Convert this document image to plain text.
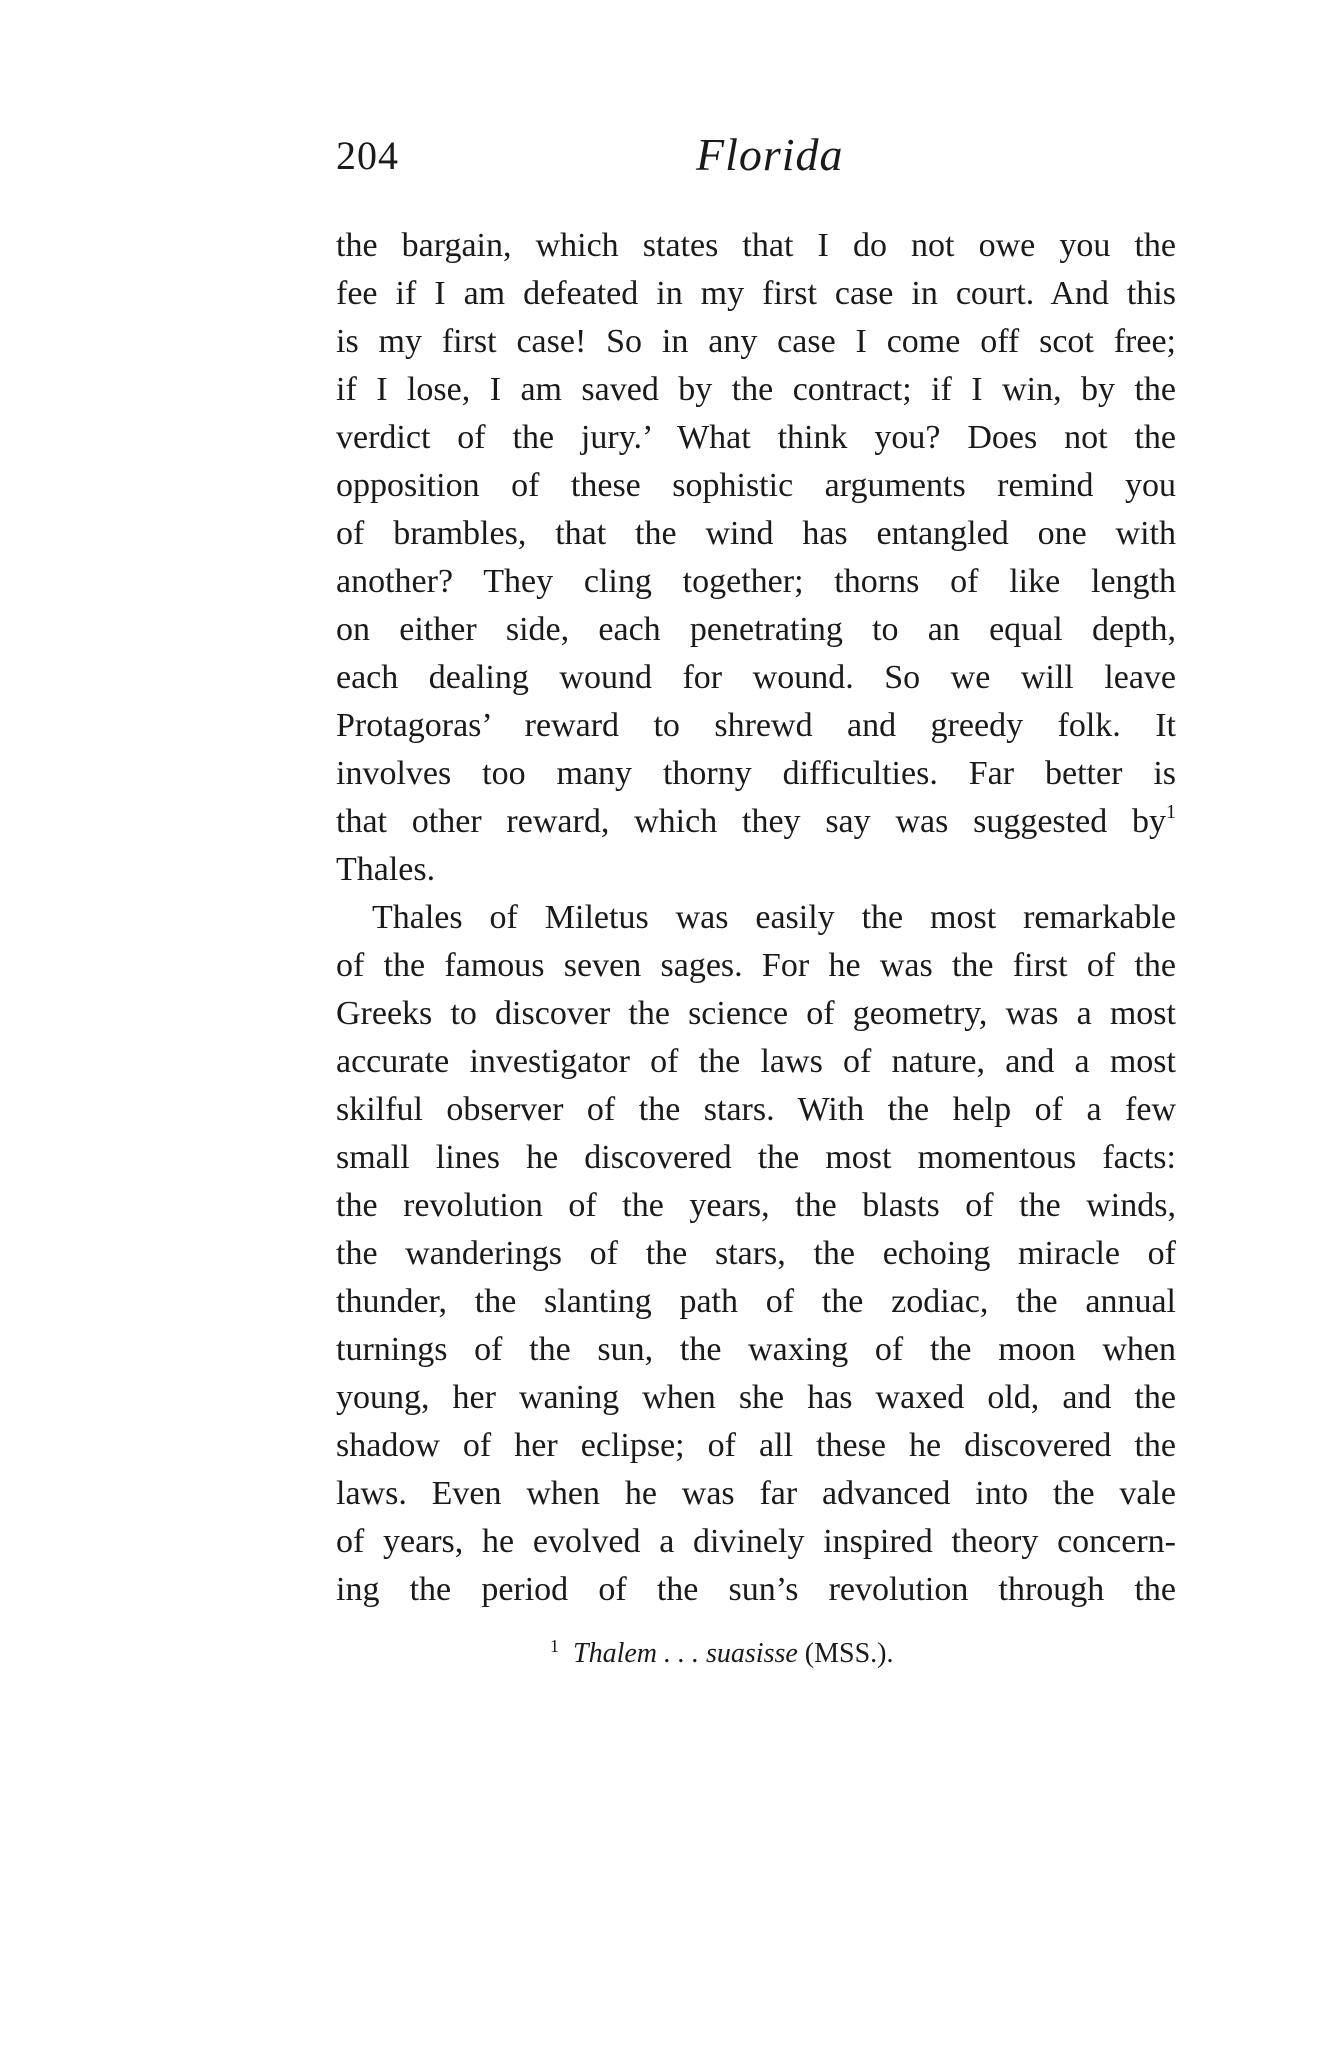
204	Florida
the bargain, which states that I do not owe you the
fee if I am defeated in my first case in court. And this
is my first case! So in any case I come off scot free;
if I lose, I am saved by the contract; if I win, by the
verdict of the jury.’ What think you? Does not the
opposition of these sophistic arguments remind you
of brambles, that the wind has entangled one with
another? They cling together; thorns of like length
on either side, each penetrating to an equal depth,
each dealing wound for wound. So we will leave
Protagoras’ reward to shrewd and greedy folk. It
involves too many thorny difficulties. Far better is
that other reward, which they say was suggested $by^1$
Thales.
Thales of Miletus was easily the most remarkable
of the famous seven sages. For he was the first of the
Greeks to discover the science of geometry, was a most
accurate investigator of the laws of nature, and a most
skilful observer of the stars. With the help of a few
small lines he discovered the most momentous facts:
the revolution of the years, the blasts of the winds,
the wanderings of the stars, the echoing miracle of
thunder, the slanting path of the zodiac, the annual
turnings of the sun, the waxing of the moon when
young, her waning when she has waxed old, and the
shadow of her eclipse; of all these he discovered the
laws. Even when he was far advanced into the vale
of years, he evolved a divinely inspired theory concern-
ing the period of the sun’s revolution through the
$^1$ Thalem . . . suasisse (MSS.).
